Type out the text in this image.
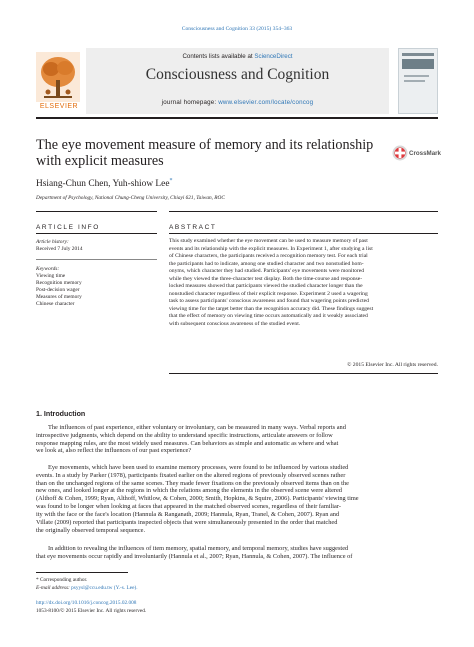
Consciousness and Cognition 33 (2015) 354–363
ELSEVIER
Contents lists available at ScienceDirect
Consciousness and Cognition
journal homepage: www.elsevier.com/locate/concog
The eye movement measure of memory and its relationship with explicit measures	CrossMark
Hsiang-Chun Chen, Yuh-shiow Lee*
Department of Psychology, National Chung-Cheng University, Chiayi 621, Taiwan, ROC
ARTICLE INFO	ABSTRACT
Article history:
Received 7 July 2014
Keywords:
Viewing time
Recognition memory
Post-decision wager
Measures of memory
Chinese character
This study examined whether the eye movement can be used to measure memory of past
events and its relationship with the explicit measures. In Experiment 1, after studying a list
of Chinese characters, the participants received a recognition memory test. For each trial
the participants had to indicate, among one studied character and two nonstudied hom-
onyms, which character they had studied. Participants' eye movements were monitored
while they viewed the three-character test display. Both the time-course and response-
locked measures showed that participants viewed the studied character longer than the
nonstudied character regardless of their explicit response. Experiment 2 used a wagering
task to assess participants' conscious awareness and found that wagering points predicted
viewing time for the target better than the recognition accuracy did. These findings suggest
that the effect of memory on viewing time occurs automatically and it weakly associated
with subsequent conscious awareness of the studied event.
© 2015 Elsevier Inc. All rights reserved.
1. Introduction
The influences of past experience, either voluntary or involuntary, can be measured in many ways. Verbal reports and
introspective judgments, which depend on the ability to understand specific instructions, articulate answers or follow
response mapping rules, are the most widely used measures. Can behaviors as simple and automatic as where and what
we look at, also reflect the influences of our past experience?
Eye movements, which have been used to examine memory processes, were found to be influenced by various studied
events. In a study by Parker (1978), participants fixated earlier on the altered regions of previously observed scenes rather
than on the unchanged regions of the same scenes. They made fewer fixations on the previously observed items than on the
new ones, and looked longer at the regions in which the relations among the elements in the observed scene were altered
(Althoff & Cohen, 1999; Ryan, Althoff, Whitlow, & Cohen, 2000; Smith, Hopkins, & Squire, 2006). Participants' viewing time
was found to be longer when looking at faces that appeared in the matched observed scenes, regardless of their familiar-
ity with the face or the face's location (Hannula & Ranganath, 2009; Hannula, Ryan, Tranel, & Cohen, 2007). Ryan and
Villate (2009) reported that participants inspected objects that were simultaneously presented in the order that matched
the originally observed temporal sequence.
In addition to revealing the influences of item memory, spatial memory, and temporal memory, studies have suggested
that eye movements occur rapidly and involuntarily (Hannula et al., 2007; Ryan, Hannula, & Cohen, 2007). The influence of
* Corresponding author.
E-mail address: psyysl@ccu.edu.tw (Y.-s. Lee).
http://dx.doi.org/10.1016/j.concog.2015.02.008
1053-8100/© 2015 Elsevier Inc. All rights reserved.
